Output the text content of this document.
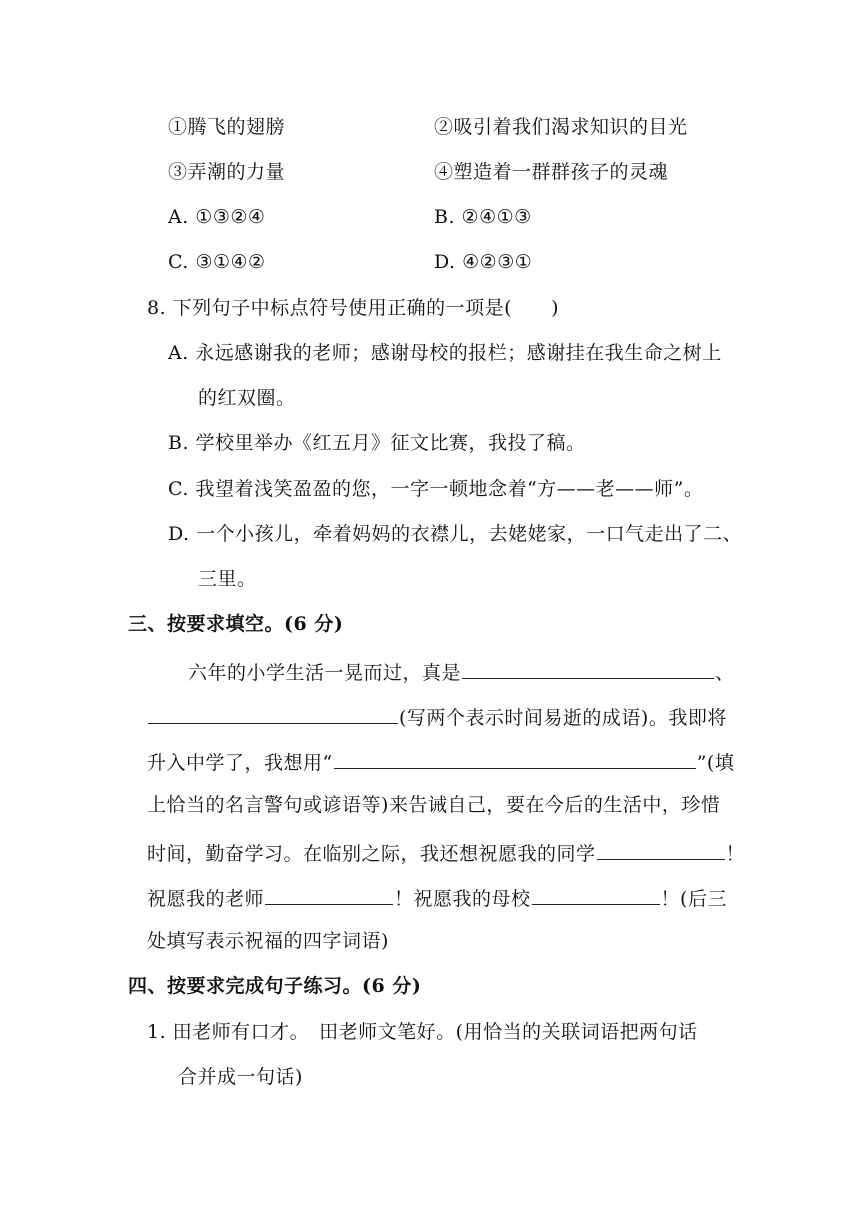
①腾飞的翅膀	②吸引着我们渴求知识的目光
③弄潮的力量	④塑造着一群群孩子的灵魂
A. ①③②④	B. ②④①③
C. ③①④②	D. ④②③①
8. 下列句子中标点符号使用正确的一项是(　　)
A. 永远感谢我的老师；感谢母校的报栏；感谢挂在我生命之树上
的红双圈。
B. 学校里举办《红五月》征文比赛，我投了稿。
C. 我望着浅笑盈盈的您，一字一顿地念着“方——老——师”。
D. 一个小孩儿，牵着妈妈的衣襟儿，去姥姥家，一口气走出了二、
三里。
三、按要求填空。(6 分)
六年的小学生活一晃而过，真是	、
(写两个表示时间易逝的成语)。我即将
升入中学了，我想用“	”(填
上恰当的名言警句或谚语等)来告诫自己，要在今后的生活中，珍惜
时间，勤奋学习。在临别之际，我还想祝愿我的同学	！
祝愿我的老师	！祝愿我的母校	！(后三
处填写表示祝福的四字词语)
四、按要求完成句子练习。(6 分)
1. 田老师有口才。　田老师文笔好。(用恰当的关联词语把两句话
合并成一句话)
